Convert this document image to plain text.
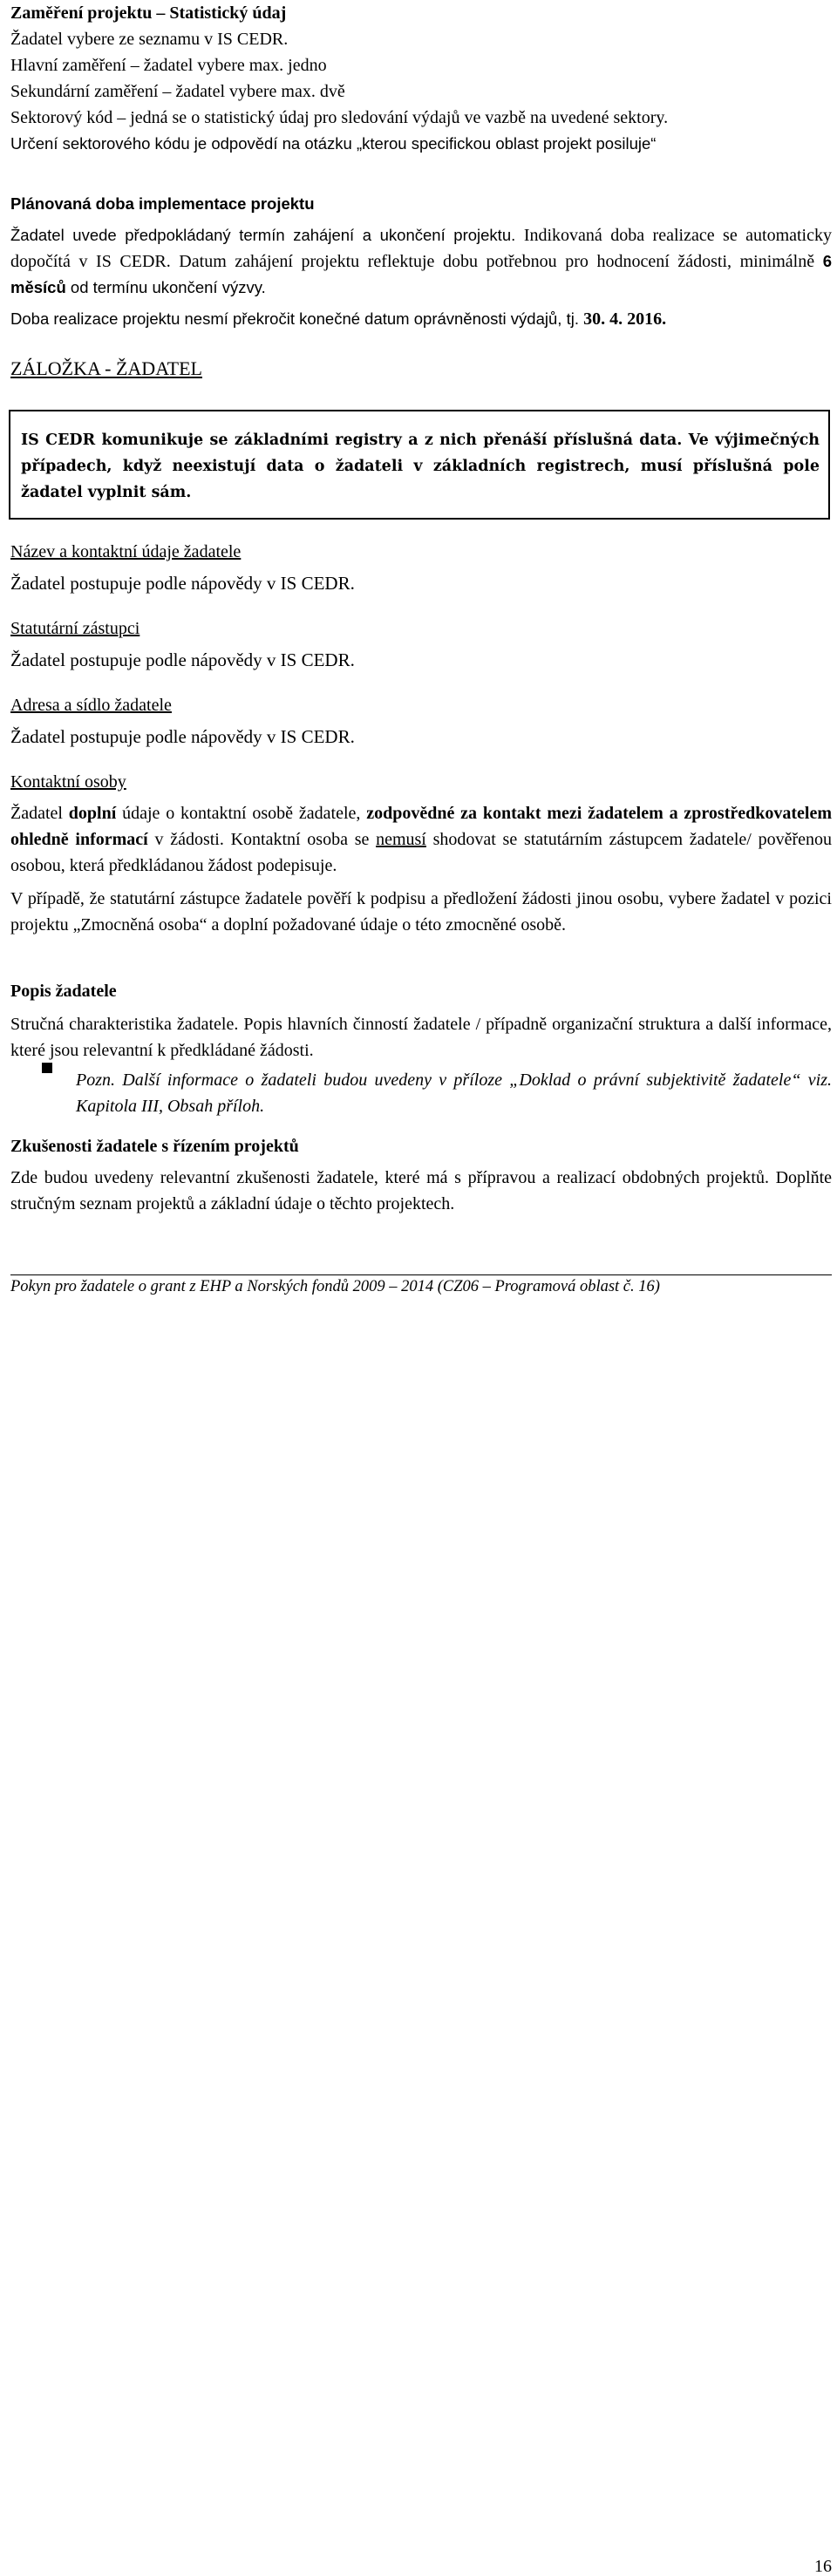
Zaměření projektu – Statistický údaj
Žadatel vybere ze seznamu v IS CEDR.
Hlavní zaměření – žadatel vybere max. jedno
Sekundární zaměření – žadatel vybere max. dvě
Sektorový kód – jedná se o statistický údaj pro sledování výdajů ve vazbě na uvedené sektory.
Určení sektorového kódu je odpovědí na otázku „kterou specifickou oblast projekt posiluje“
Plánovaná doba implementace projektu

Žadatel uvede předpokládaný termín zahájení a ukončení projektu. Indikovaná doba realizace se automaticky dopočítá v IS CEDR. Datum zahájení projektu reflektuje dobu potřebnou pro hodnocení žádosti, minimálně 6 měsíců od termínu ukončení výzvy.

Doba realizace projektu nesmí překročit konečné datum oprávněnosti výdajů, tj. 30. 4. 2016.

ZÁLOŽKA - ŽADATEL
IS CEDR komunikuje se základními registry a z nich přenáší příslušná data. Ve výjimečných případech, když neexistují data o žadateli v základních registrech, musí příslušná pole žadatel vyplnit sám.
Název a kontaktní údaje žadatele
Žadatel postupuje podle nápovědy v IS CEDR.
Statutární zástupci
Žadatel postupuje podle nápovědy v IS CEDR.
Adresa a sídlo žadatele
Žadatel postupuje podle nápovědy v IS CEDR.
Kontaktní osoby

Žadatel doplní údaje o kontaktní osobě žadatele, zodpovědné za kontakt mezi žadatelem a zprostředkovatelem ohledně informací v žádosti. Kontaktní osoba se nemusí shodovat se statutárním zástupcem žadatele/ pověřenou osobou, která předkládanou žádost podepisuje.

V případě, že statutární zástupce žadatele pověří k podpisu a předložení žádosti jinou osobu, vybere žadatel v pozici projektu „Zmocněná osoba“ a doplní požadované údaje o této zmocněné osobě.

Popis žadatele

Stručná charakteristika žadatele. Popis hlavních činností žadatele / případně organizační struktura a další informace, které jsou relevantní k předkládané žádosti.

Pozn. Další informace o žadateli budou uvedeny v příloze „Doklad o právní subjektivitě žadatele“ viz. Kapitola III, Obsah příloh.

Zkušenosti žadatele s řízením projektů

Zde budou uvedeny relevantní zkušenosti žadatele, které má s přípravou a realizací obdobných projektů. Doplňte stručným seznam projektů a základní údaje o těchto projektech.

Pokyn pro žadatele o grant z EHP a Norských fondů 2009 – 2014 (CZ06 – Programová oblast č. 16)
16
